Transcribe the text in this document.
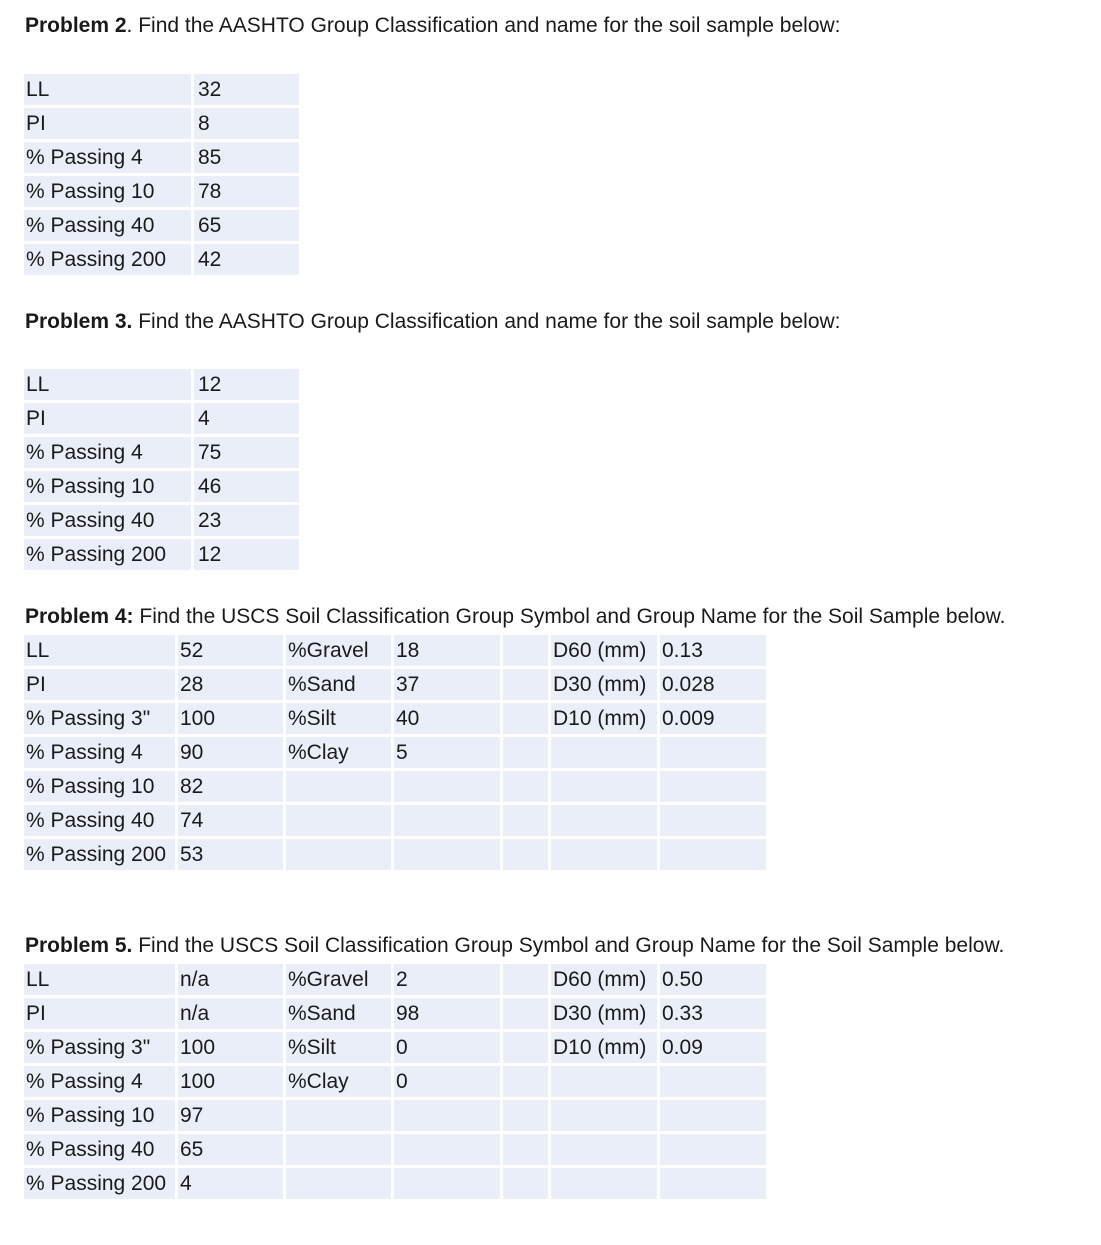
Problem 2. Find the AASHTO Group Classification and name for the soil sample below:
LL	32
PI	8
% Passing 4	85
% Passing 10	78
% Passing 40	65
% Passing 200	42
Problem 3. Find the AASHTO Group Classification and name for the soil sample below:
LL	12
PI	4
% Passing 4	75
% Passing 10	46
% Passing 40	23
% Passing 200	12
Problem 4: Find the USCS Soil Classification Group Symbol and Group Name for the Soil Sample below.
LL	52	%Gravel	18		D60 (mm)	0.13
PI	28	%Sand	37		D30 (mm)	0.028
% Passing 3"	100	%Silt	40		D10 (mm)	0.009
% Passing 4	90	%Clay	5			
% Passing 10	82					
% Passing 40	74					
% Passing 200	53					
Problem 5. Find the USCS Soil Classification Group Symbol and Group Name for the Soil Sample below.
LL	n/a	%Gravel	2		D60 (mm)	0.50
PI	n/a	%Sand	98		D30 (mm)	0.33
% Passing 3"	100	%Silt	0		D10 (mm)	0.09
% Passing 4	100	%Clay	0			
% Passing 10	97					
% Passing 40	65					
% Passing 200	4					
